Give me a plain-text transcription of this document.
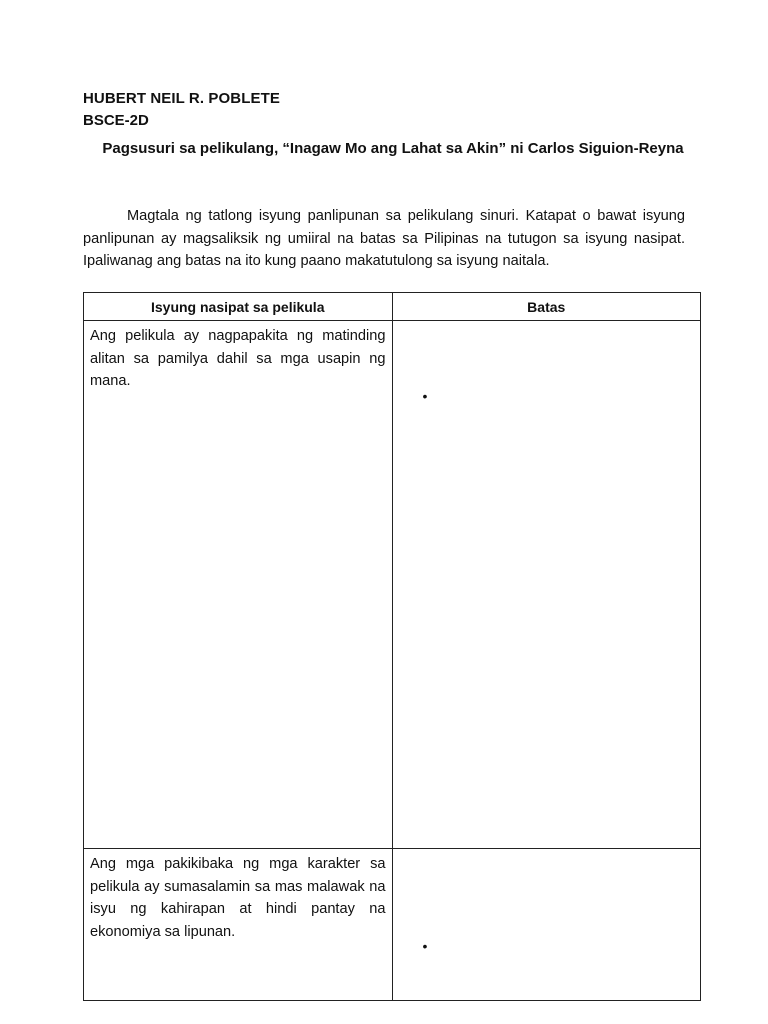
HUBERT NEIL R. POBLETE
BSCE-2D
Pagsusuri sa pelikulang, “Inagaw Mo ang Lahat sa Akin” ni Carlos Siguion-Reyna

Magtala ng tatlong isyung panlipunan sa pelikulang sinuri. Katapat o bawat isyung panlipunan ay magsaliksik ng umiiral na batas sa Pilipinas na tutugon sa isyung nasipat. Ipaliwanag ang batas na ito kung paano makatutulong sa isyung naitala.

Isyung nasipat sa pelikula	Batas

Ang pelikula ay nagpapakita ng matinding alitan sa pamilya dahil sa mga usapin ng mana.	•

Ang mga pakikibaka ng mga karakter sa pelikula ay sumasalamin sa mas malawak na isyu ng kahirapan at hindi pantay na ekonomiya sa lipunan.	•
